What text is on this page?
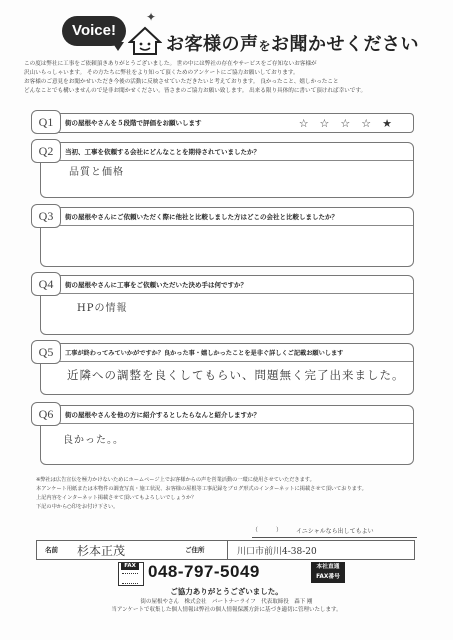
✦
Voice!
お客様の声をお聞かせください

この度は弊社に工事をご依頼頂きありがとうございました。 世の中には弊社の存在やサービスをご存知ないお客様が

沢山いらっしゃいます。 その方たちに弊社をより知って頂くためのアンケートにご協力お願いしております。

お客様のご意見をお聞かせいただき今後の活動に反映させていただきたいと考えております。 良かったこと、嬉しかったこと

どんなことでも構いませんので是非お聞かせください。皆さまのご協力お願い致します。 出来る限り具体的に書いて頂ければ幸いです。

Q1	街の屋根やさんを５段階で評価をお願いします	☆☆☆☆★
Q2	当初、工事を依頼する会社にどんなことを期待されていましたか？
品質と価格
Q3	街の屋根やさんにご依頼いただく際に他社と比較しました方はどこの会社と比較しましたか？
Q4	街の屋根やさんに工事をご依頼いただいた決め手は何ですか？
HPの情報
Q5	工事が終わってみていかがですか？良かった事・嬉しかったことを是非ぐ詳しくご記載お願いします
近隣への調整を良くしてもらい、問題無く完了出来ました。
Q6	街の屋根やさんを他の方に紹介するとしたらなんと紹介しますか？
良かった。。

※弊社は広告宣伝を極力かけないためにホームページ上でお客様からの声を営業活動の一環に使用させていただきます。

本アンケート用紙または本物件の調査写真・施工状況、お客様の屋根等工事記録をブログ形式のインターネットに掲載させて頂いております。

上記内容をインターネット掲載させて頂いてもよろしいでしょうか？

下記の中から○印をお付け下さい。

（　　　） イニシャルなら出してもよい
名前 杉本正茂	ご住所	川口市前川4-38-20
FAX 048-797-5049	本社直通
FAX番号
ご協力ありがとうございました。

街の屋根やさん　株式会社　パートナーライフ　代表取締役　森下 剛

当アンケートで収集した個人情報は弊社の個人情報保護方針に基づき適切に管理いたします。
